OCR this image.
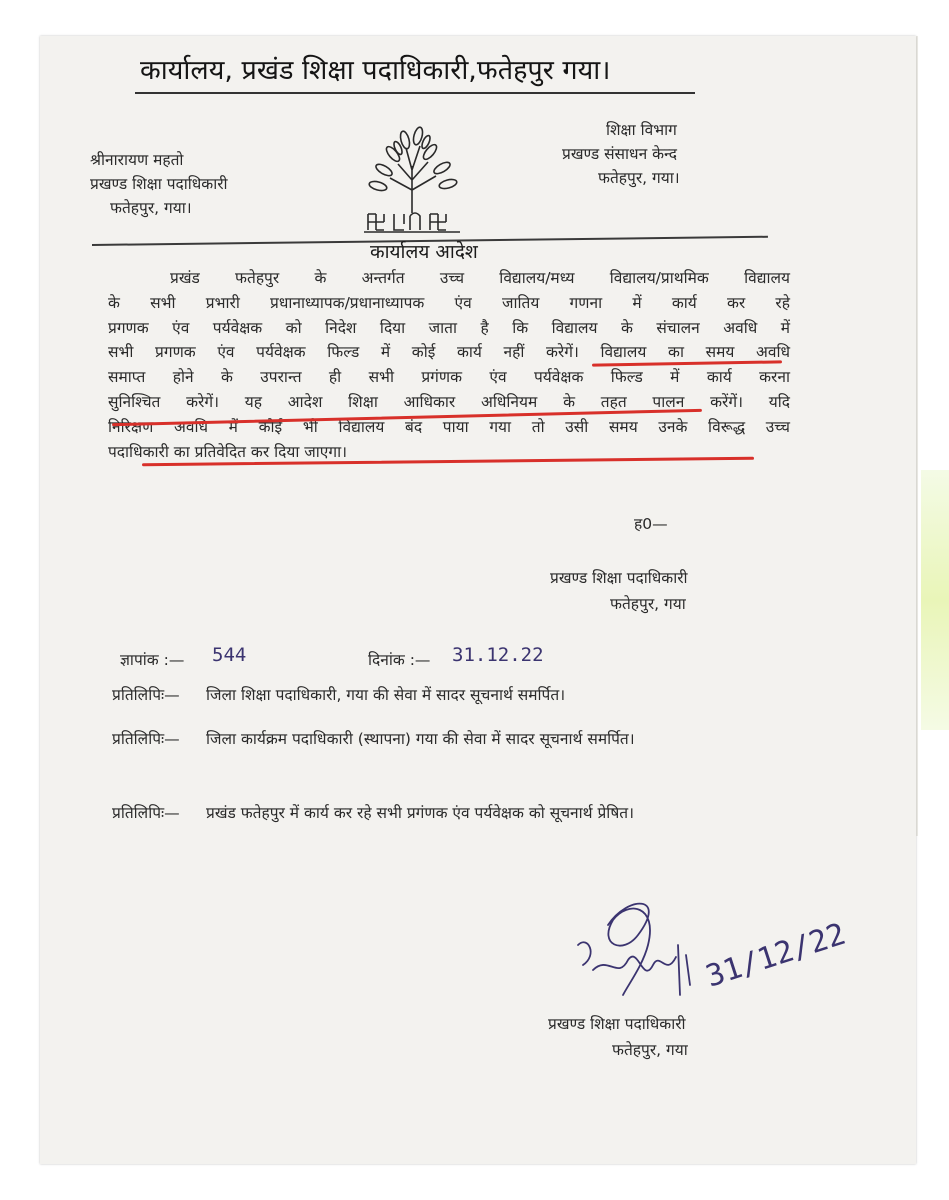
कार्यालय, प्रखंड शिक्षा पदाधिकारी,फतेहपुर गया।
श्रीनारायण महतो
प्रखण्ड शिक्षा पदाधिकारी
फतेहपुर, गया।
शिक्षा विभाग
प्रखण्ड संसाधन केन्द
फतेहपुर, गया।
कार्यालय आदेश
प्रखंड फतेहपुर के अन्तर्गत उच्च विद्यालय/मध्य विद्यालय/प्राथमिक विद्यालय
के सभी प्रभारी प्रधानाध्यापक/प्रधानाध्यापक एंव जातिय गणना में कार्य कर रहे
प्रगणक एंव पर्यवेक्षक को निदेश दिया जाता है कि विद्यालय के संचालन अवधि में
सभी प्रगणक एंव पर्यवेक्षक फिल्ड में कोई कार्य नहीं करेगें। विद्यालय का समय अवधि
समाप्त होने के उपरान्त ही सभी प्रगंणक एंव पर्यवेक्षक फिल्ड में कार्य करना
सुनिश्चित करेगें। यह आदेश शिक्षा आधिकार अधिनियम के तहत पालन करेंगें। यदि
निरिक्षण अवधि में कोई भी विद्यालय बंद पाया गया तो उसी समय उनके विरूद्ध उच्च
पदाधिकारी का प्रतिवेदित कर दिया जाएगा।
ह0—
प्रखण्ड शिक्षा पदाधिकारी
फतेहपुर, गया
ज्ञापांक :— 544	दिनांक :— 31.12.22
प्रतिलिपिः—	जिला शिक्षा पदाधिकारी, गया की सेवा में सादर सूचनार्थ समर्पित।
प्रतिलिपिः—	जिला कार्यक्रम पदाधिकारी (स्थापना) गया की सेवा में सादर सूचनार्थ समर्पित।
प्रतिलिपिः—	प्रखंड फतेहपुर में कार्य कर रहे सभी प्रगंणक एंव पर्यवेक्षक को सूचनार्थ प्रेषित।
31/12/22
प्रखण्ड शिक्षा पदाधिकारी
फतेहपुर, गया
